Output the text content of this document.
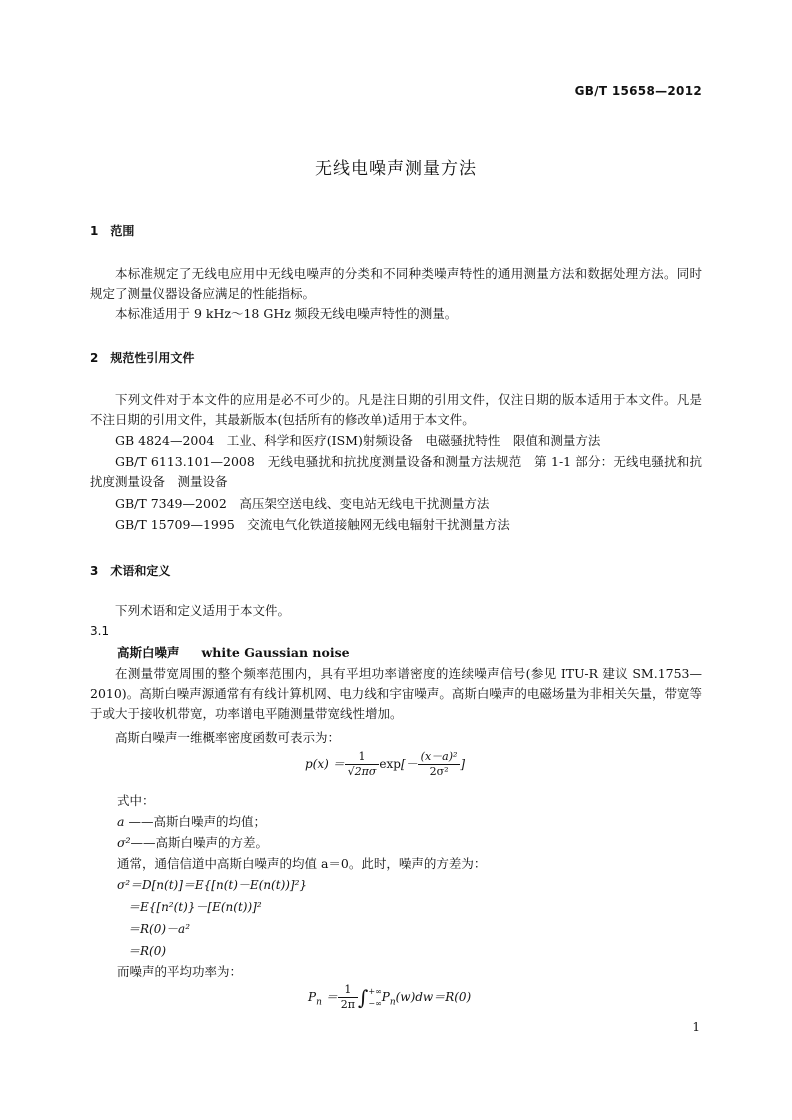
GB/T 15658—2012
无线电噪声测量方法
1　范围
本标准规定了无线电应用中无线电噪声的分类和不同种类噪声特性的通用测量方法和数据处理方法。同时规定了测量仪器设备应满足的性能指标。
本标准适用于 9 kHz～18 GHz 频段无线电噪声特性的测量。
2　规范性引用文件
下列文件对于本文件的应用是必不可少的。凡是注日期的引用文件，仅注日期的版本适用于本文件。凡是不注日期的引用文件，其最新版本(包括所有的修改单)适用于本文件。
GB 4824—2004　工业、科学和医疗(ISM)射频设备　电磁骚扰特性　限值和测量方法
GB/T 6113.101—2008　无线电骚扰和抗扰度测量设备和测量方法规范　第 1-1 部分：无线电骚扰和抗扰度测量设备　测量设备
GB/T 7349—2002　高压架空送电线、变电站无线电干扰测量方法
GB/T 15709—1995　交流电气化铁道接触网无线电辐射干扰测量方法
3　术语和定义
下列术语和定义适用于本文件。
3.1
高斯白噪声 white Gaussian noise
在测量带宽周围的整个频率范围内，具有平坦功率谱密度的连续噪声信号(参见 ITU-R 建议 SM.1753—2010)。高斯白噪声源通常有有线计算机网、电力线和宇宙噪声。高斯白噪声的电磁场量为非相关矢量，带宽等于或大于接收机带宽，功率谱电平随测量带宽线性增加。
高斯白噪声一维概率密度函数可表示为：
$p(x) = \frac{1}{√2\pi\sigma} \exp[- \frac{\text{(x－a)²}}{\text{2σ²}}$ ]
式中：
a ——高斯白噪声的均值；
σ²——高斯白噪声的方差。
通常，通信信道中高斯白噪声的均值 a＝0。此时，噪声的方差为：
σ²＝D[n(t)]＝E{[n(t)－E(n(t))]²}
＝E{[n²(t)}－[E(n(t))]²
＝R(0)－a²
＝R(0)
而噪声的平均功率为：
$P_n = \frac{1}{2\pi}$ ∫ +∞
−∞ $P_n(w)dw=R(0)$
1
